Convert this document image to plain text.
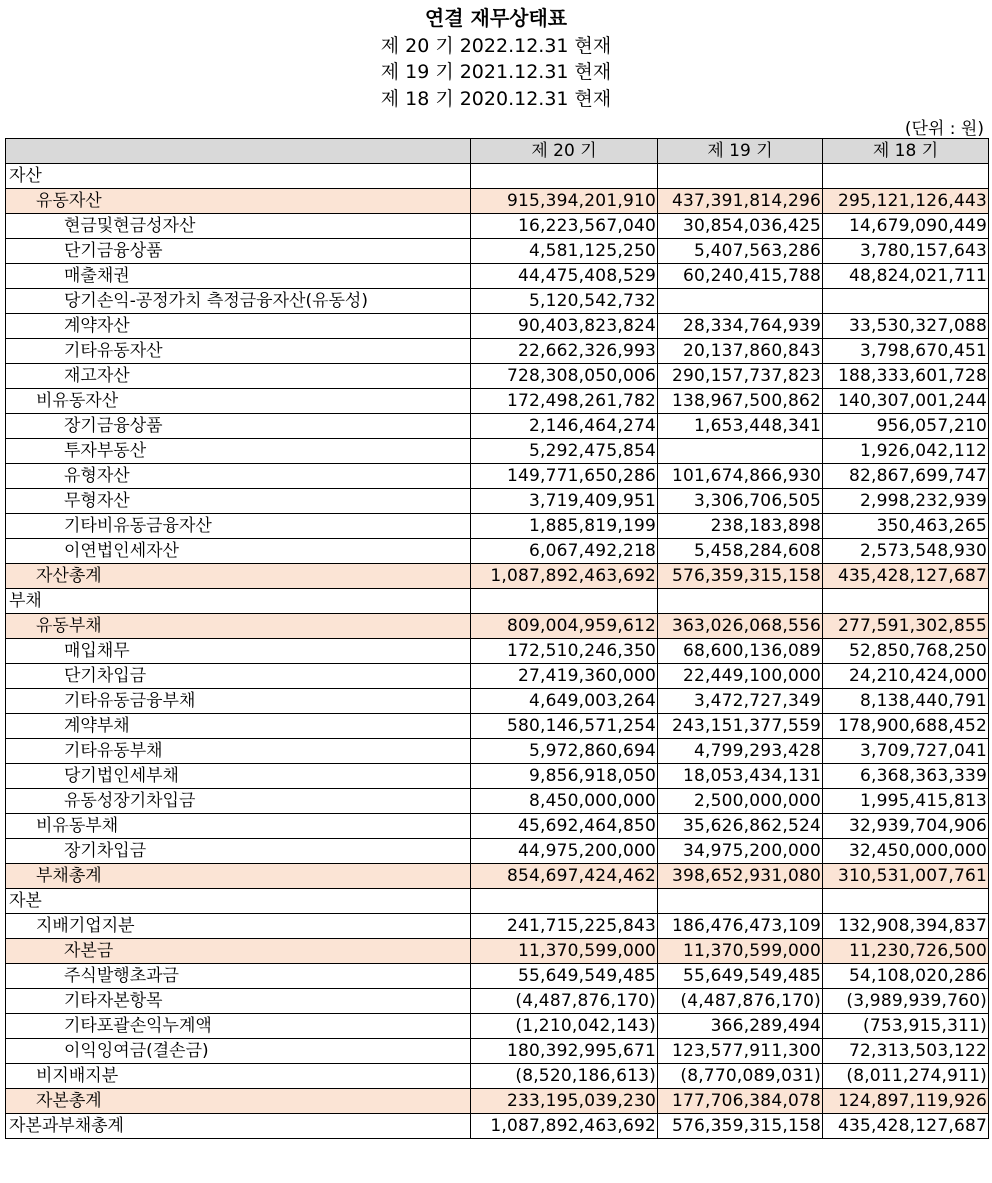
연결 재무상태표
제 20 기 2022.12.31 현재
제 19 기 2021.12.31 현재
제 18 기 2020.12.31 현재
(단위 : 원)
	제 20 기	제 19 기	제 18 기
자산			
유동자산	915,394,201,910	437,391,814,296	295,121,126,443
현금및현금성자산	16,223,567,040	30,854,036,425	14,679,090,449
단기금융상품	4,581,125,250	5,407,563,286	3,780,157,643
매출채권	44,475,408,529	60,240,415,788	48,824,021,711
당기손익-공정가치 측정금융자산(유동성)	5,120,542,732		
계약자산	90,403,823,824	28,334,764,939	33,530,327,088
기타유동자산	22,662,326,993	20,137,860,843	3,798,670,451
재고자산	728,308,050,006	290,157,737,823	188,333,601,728
비유동자산	172,498,261,782	138,967,500,862	140,307,001,244
장기금융상품	2,146,464,274	1,653,448,341	956,057,210
투자부동산	5,292,475,854		1,926,042,112
유형자산	149,771,650,286	101,674,866,930	82,867,699,747
무형자산	3,719,409,951	3,306,706,505	2,998,232,939
기타비유동금융자산	1,885,819,199	238,183,898	350,463,265
이연법인세자산	6,067,492,218	5,458,284,608	2,573,548,930
자산총계	1,087,892,463,692	576,359,315,158	435,428,127,687
부채			
유동부채	809,004,959,612	363,026,068,556	277,591,302,855
매입채무	172,510,246,350	68,600,136,089	52,850,768,250
단기차입금	27,419,360,000	22,449,100,000	24,210,424,000
기타유동금융부채	4,649,003,264	3,472,727,349	8,138,440,791
계약부채	580,146,571,254	243,151,377,559	178,900,688,452
기타유동부채	5,972,860,694	4,799,293,428	3,709,727,041
당기법인세부채	9,856,918,050	18,053,434,131	6,368,363,339
유동성장기차입금	8,450,000,000	2,500,000,000	1,995,415,813
비유동부채	45,692,464,850	35,626,862,524	32,939,704,906
장기차입금	44,975,200,000	34,975,200,000	32,450,000,000
부채총계	854,697,424,462	398,652,931,080	310,531,007,761
자본			
지배기업지분	241,715,225,843	186,476,473,109	132,908,394,837
자본금	11,370,599,000	11,370,599,000	11,230,726,500
주식발행초과금	55,649,549,485	55,649,549,485	54,108,020,286
기타자본항목	(4,487,876,170)	(4,487,876,170)	(3,989,939,760)
기타포괄손익누계액	(1,210,042,143)	366,289,494	(753,915,311)
이익잉여금(결손금)	180,392,995,671	123,577,911,300	72,313,503,122
비지배지분	(8,520,186,613)	(8,770,089,031)	(8,011,274,911)
자본총계	233,195,039,230	177,706,384,078	124,897,119,926
자본과부채총계	1,087,892,463,692	576,359,315,158	435,428,127,687
